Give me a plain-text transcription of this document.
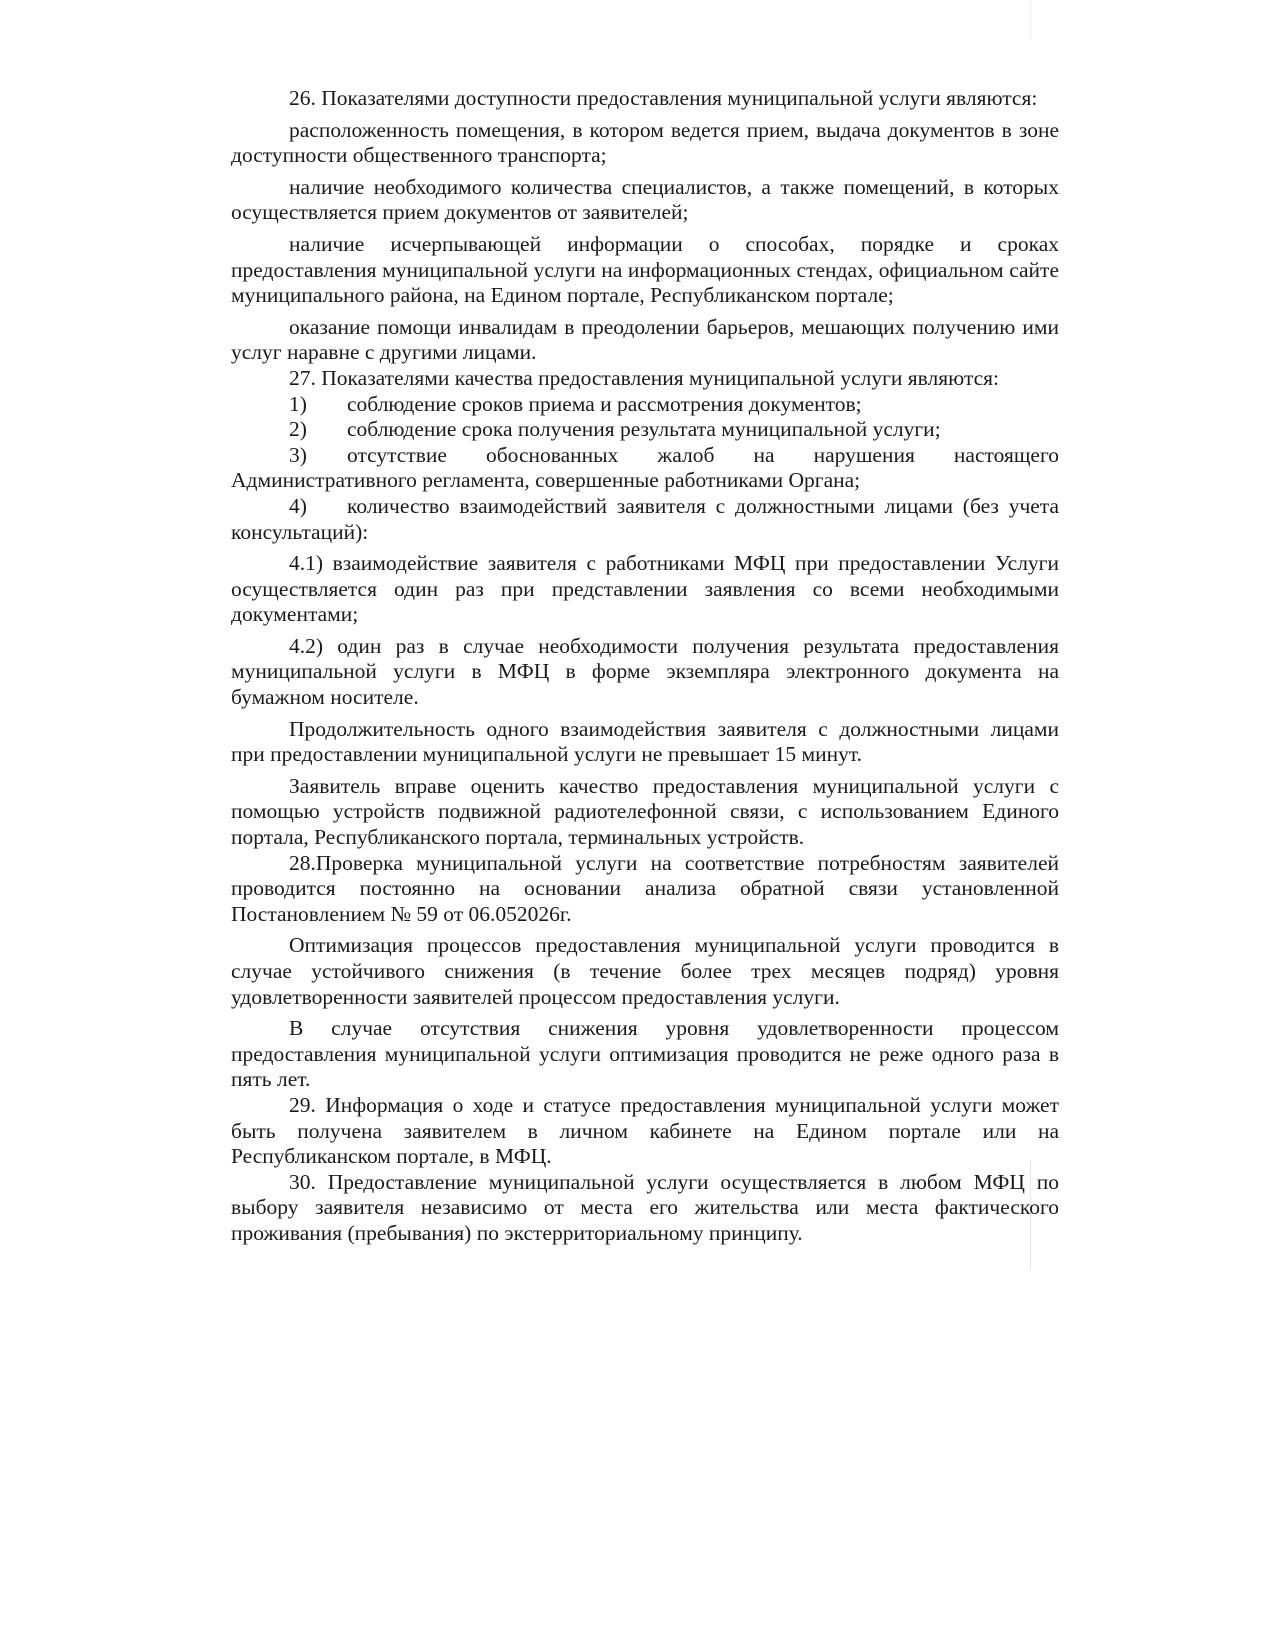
26. Показателями доступности предоставления муниципальной услуги являются:

расположенность помещения, в котором ведется прием, выдача документов в зоне доступности общественного транспорта;

наличие необходимого количества специалистов, а также помещений, в которых осуществляется прием документов от заявителей;

наличие исчерпывающей информации о способах, порядке и сроках предоставления муниципальной услуги на информационных стендах, официальном сайте муниципального района, на Едином портале, Республиканском портале;

оказание помощи инвалидам в преодолении барьеров, мешающих получению ими услуг наравне с другими лицами.

27. Показателями качества предоставления муниципальной услуги являются:

1) соблюдение сроков приема и рассмотрения документов;

2) соблюдение срока получения результата муниципальной услуги;

3) отсутствие обоснованных жалоб на нарушения настоящего Административного регламента, совершенные работниками Органа;

4) количество взаимодействий заявителя с должностными лицами (без учета консультаций):

4.1) взаимодействие заявителя с работниками МФЦ при предоставлении Услуги осуществляется один раз при представлении заявления со всеми необходимыми документами;

4.2) один раз в случае необходимости получения результата предоставления муниципальной услуги в МФЦ в форме экземпляра электронного документа на бумажном носителе.

Продолжительность одного взаимодействия заявителя с должностными лицами при предоставлении муниципальной услуги не превышает 15 минут.

Заявитель вправе оценить качество предоставления муниципальной услуги с помощью устройств подвижной радиотелефонной связи, с использованием Единого портала, Республиканского портала, терминальных устройств.

28.Проверка муниципальной услуги на соответствие потребностям заявителей проводится постоянно на основании анализа обратной связи установленной Постановлением № 59 от 06.052026г.

Оптимизация процессов предоставления муниципальной услуги проводится в случае устойчивого снижения (в течение более трех месяцев подряд) уровня удовлетворенности заявителей процессом предоставления услуги.

В случае отсутствия снижения уровня удовлетворенности процессом предоставления муниципальной услуги оптимизация проводится не реже одного раза в пять лет.

29. Информация о ходе и статусе предоставления муниципальной услуги может быть получена заявителем в личном кабинете на Едином портале или на Республиканском портале, в МФЦ.

30. Предоставление муниципальной услуги осуществляется в любом МФЦ по выбору заявителя независимо от места его жительства или места фактического проживания (пребывания) по экстерриториальному принципу.
